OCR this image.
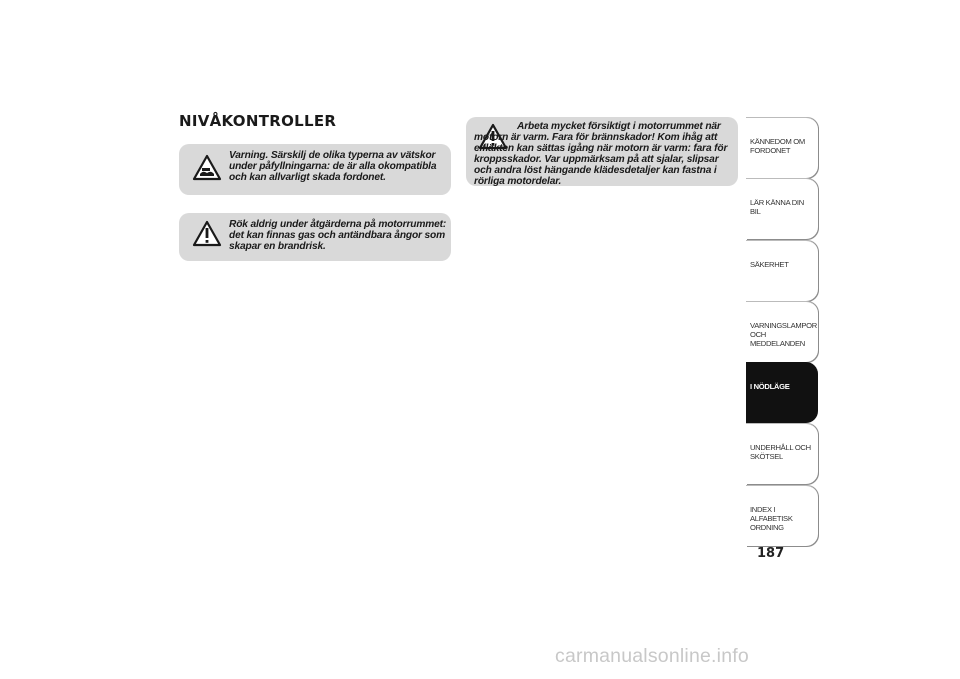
NIVÅKONTROLLER

Varning. Särskilj de olika typerna av vätskor under påfyllningarna: de är alla okompatibla och kan allvarligt skada fordonet.

Rök aldrig under åtgärderna på motorrummet: det kan finnas gas och antändbara ångor som skapar en brandrisk.

Arbeta mycket försiktigt i motorrummet när motorn är varm. Fara för brännskador! Kom ihåg att elfläkten kan sättas igång när motorn är varm: fara för kroppsskador. Var uppmärksam på att sjalar, slipsar och andra löst hängande klädesdetaljer kan fastna i rörliga motordelar.

KÄNNEDOM OM FORDONET
LÄR KÄNNA DIN BIL
SÄKERHET
VARNINGSLAMPOR OCH MEDDELANDEN
I NÖDLÄGE
UNDERHÅLL OCH SKÖTSEL
INDEX I ALFABETISK ORDNING
187
carmanualsonline.info
